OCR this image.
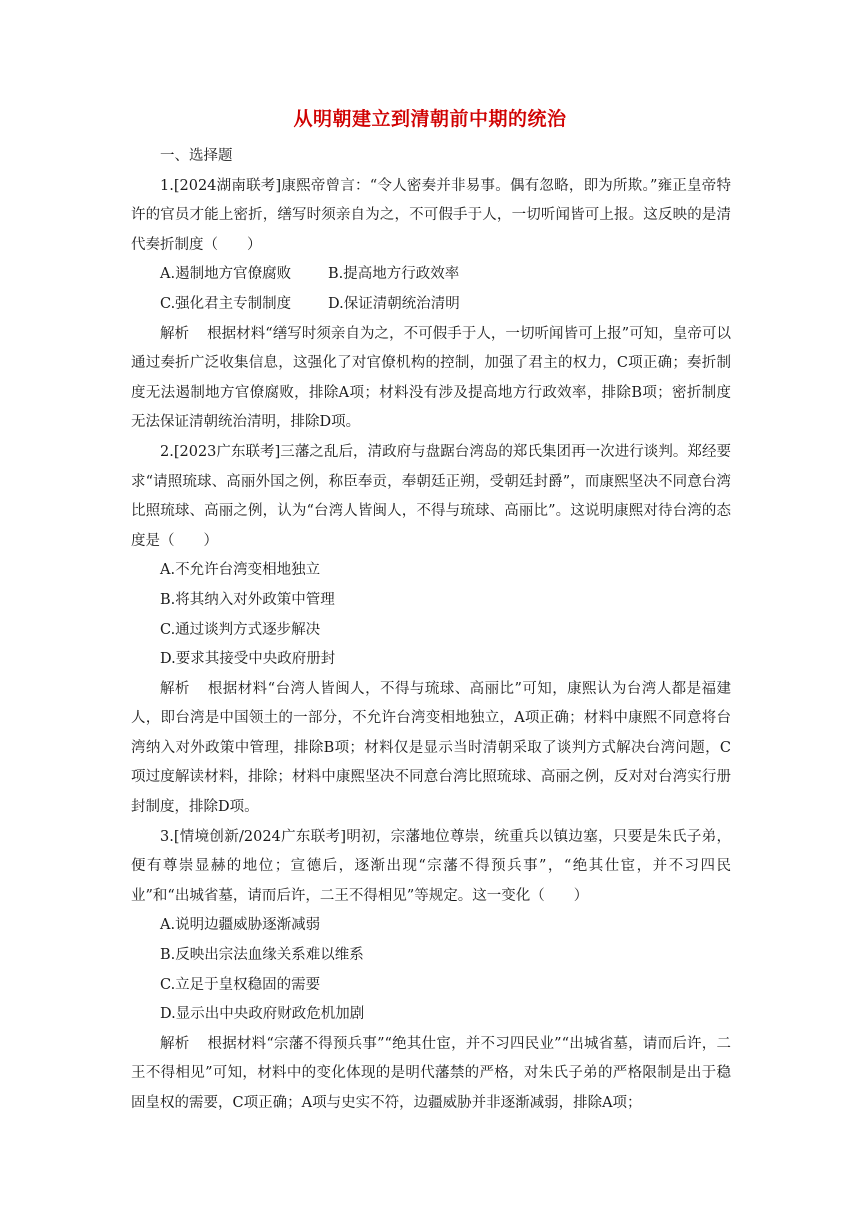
从明朝建立到清朝前中期的统治

一、选择题

1.[2024湖南联考]康熙帝曾言：“令人密奏并非易事。偶有忽略，即为所欺。”雍正皇帝特许的官员才能上密折，缮写时须亲自为之，不可假手于人，一切听闻皆可上报。这反映的是清代奏折制度（　　）

A.遏制地方官僚腐败	B.提高地方行政效率
C.强化君主专制制度	D.保证清朝统治清明

解析 根据材料“缮写时须亲自为之，不可假手于人，一切听闻皆可上报”可知，皇帝可以通过奏折广泛收集信息，这强化了对官僚机构的控制，加强了君主的权力，C项正确；奏折制度无法遏制地方官僚腐败，排除A项；材料没有涉及提高地方行政效率，排除B项；密折制度无法保证清朝统治清明，排除D项。

2.[2023广东联考]三藩之乱后，清政府与盘踞台湾岛的郑氏集团再一次进行谈判。郑经要求“请照琉球、高丽外国之例，称臣奉贡，奉朝廷正朔，受朝廷封爵”，而康熙坚决不同意台湾比照琉球、高丽之例，认为“台湾人皆闽人，不得与琉球、高丽比”。这说明康熙对待台湾的态度是（　　）

A.不允许台湾变相地独立

B.将其纳入对外政策中管理

C.通过谈判方式逐步解决

D.要求其接受中央政府册封

解析 根据材料“台湾人皆闽人，不得与琉球、高丽比”可知，康熙认为台湾人都是福建人，即台湾是中国领土的一部分，不允许台湾变相地独立，A项正确；材料中康熙不同意将台湾纳入对外政策中管理，排除B项；材料仅是显示当时清朝采取了谈判方式解决台湾问题，C项过度解读材料，排除；材料中康熙坚决不同意台湾比照琉球、高丽之例，反对对台湾实行册封制度，排除D项。

3.[情境创新/2024广东联考]明初，宗藩地位尊崇，统重兵以镇边塞，只要是朱氏子弟，便有尊崇显赫的地位；宣德后，逐渐出现“宗藩不得预兵事”，“绝其仕宦，并不习四民业”和“出城省墓，请而后许，二王不得相见”等规定。这一变化（　　）

A.说明边疆威胁逐渐减弱

B.反映出宗法血缘关系难以维系

C.立足于皇权稳固的需要

D.显示出中央政府财政危机加剧

解析 根据材料“宗藩不得预兵事”“绝其仕宦，并不习四民业”“出城省墓，请而后许，二王不得相见”可知，材料中的变化体现的是明代藩禁的严格，对朱氏子弟的严格限制是出于稳固皇权的需要，C项正确；A项与史实不符，边疆威胁并非逐渐减弱，排除A项；
